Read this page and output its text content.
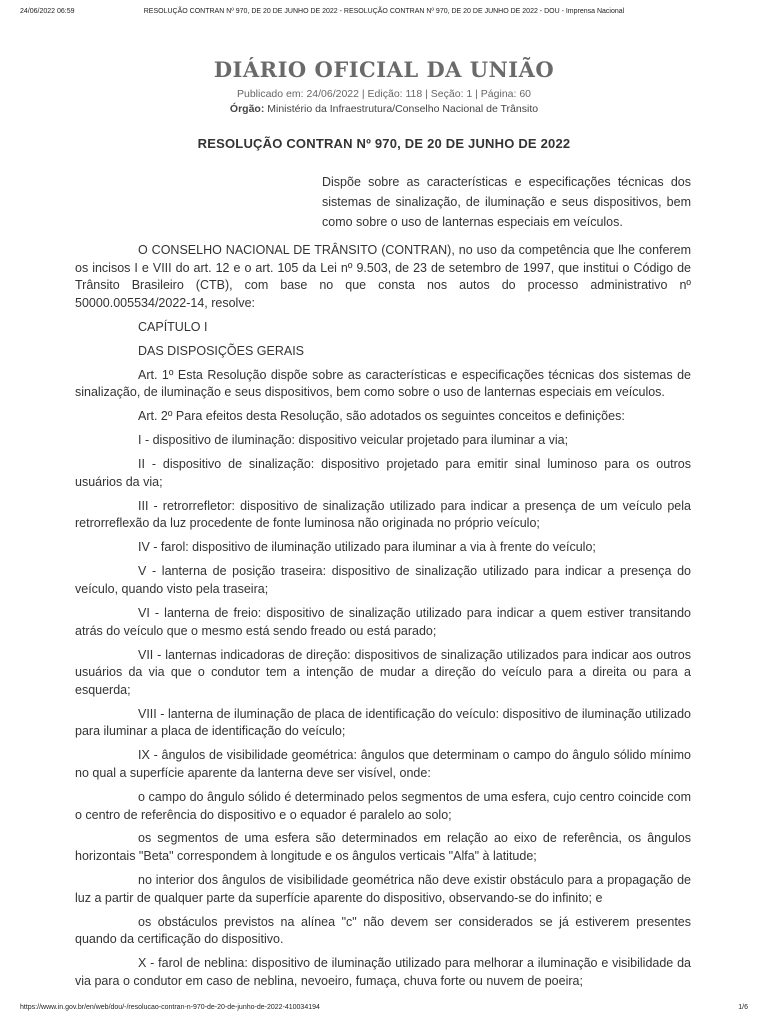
24/06/2022 06:59	RESOLUÇÃO CONTRAN Nº 970, DE 20 DE JUNHO DE 2022 - RESOLUÇÃO CONTRAN Nº 970, DE 20 DE JUNHO DE 2022 - DOU - Imprensa Nacional
DIÁRIO OFICIAL DA UNIÃO
Publicado em: 24/06/2022 | Edição: 118 | Seção: 1 | Página: 60
Órgão: Ministério da Infraestrutura/Conselho Nacional de Trânsito
RESOLUÇÃO CONTRAN Nº 970, DE 20 DE JUNHO DE 2022
Dispõe sobre as características e especificações técnicas dos sistemas de sinalização, de iluminação e seus dispositivos, bem como sobre o uso de lanternas especiais em veículos.

O CONSELHO NACIONAL DE TRÂNSITO (CONTRAN), no uso da competência que lhe conferem os incisos I e VIII do art. 12 e o art. 105 da Lei nº 9.503, de 23 de setembro de 1997, que institui o Código de Trânsito Brasileiro (CTB), com base no que consta nos autos do processo administrativo nº 50000.005534/2022-14, resolve:

CAPÍTULO I

DAS DISPOSIÇÕES GERAIS

Art. 1º Esta Resolução dispõe sobre as características e especificações técnicas dos sistemas de sinalização, de iluminação e seus dispositivos, bem como sobre o uso de lanternas especiais em veículos.

Art. 2º Para efeitos desta Resolução, são adotados os seguintes conceitos e definições:

I - dispositivo de iluminação: dispositivo veicular projetado para iluminar a via;

II - dispositivo de sinalização: dispositivo projetado para emitir sinal luminoso para os outros usuários da via;

III - retrorrefletor: dispositivo de sinalização utilizado para indicar a presença de um veículo pela retrorreflexão da luz procedente de fonte luminosa não originada no próprio veículo;

IV - farol: dispositivo de iluminação utilizado para iluminar a via à frente do veículo;

V - lanterna de posição traseira: dispositivo de sinalização utilizado para indicar a presença do veículo, quando visto pela traseira;

VI - lanterna de freio: dispositivo de sinalização utilizado para indicar a quem estiver transitando atrás do veículo que o mesmo está sendo freado ou está parado;

VII - lanternas indicadoras de direção: dispositivos de sinalização utilizados para indicar aos outros usuários da via que o condutor tem a intenção de mudar a direção do veículo para a direita ou para a esquerda;

VIII - lanterna de iluminação de placa de identificação do veículo: dispositivo de iluminação utilizado para iluminar a placa de identificação do veículo;

IX - ângulos de visibilidade geométrica: ângulos que determinam o campo do ângulo sólido mínimo no qual a superfície aparente da lanterna deve ser visível, onde:

o campo do ângulo sólido é determinado pelos segmentos de uma esfera, cujo centro coincide com o centro de referência do dispositivo e o equador é paralelo ao solo;

os segmentos de uma esfera são determinados em relação ao eixo de referência, os ângulos horizontais "Beta" correspondem à longitude e os ângulos verticais "Alfa" à latitude;

no interior dos ângulos de visibilidade geométrica não deve existir obstáculo para a propagação de luz a partir de qualquer parte da superfície aparente do dispositivo, observando-se do infinito; e

os obstáculos previstos na alínea "c" não devem ser considerados se já estiverem presentes quando da certificação do dispositivo.

X - farol de neblina: dispositivo de iluminação utilizado para melhorar a iluminação e visibilidade da via para o condutor em caso de neblina, nevoeiro, fumaça, chuva forte ou nuvem de poeira;

https://www.in.gov.br/en/web/dou/-/resolucao-contran-n-970-de-20-de-junho-de-2022-410034194	1/6
